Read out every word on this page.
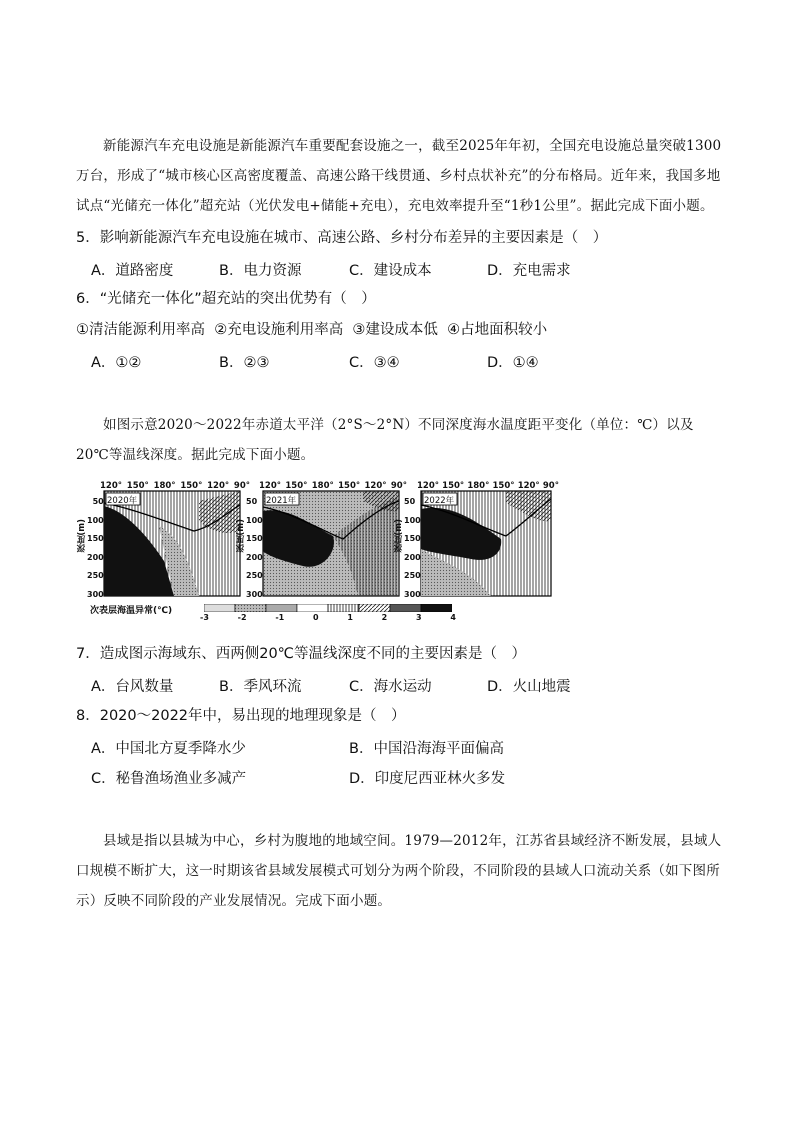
新能源汽车充电设施是新能源汽车重要配套设施之一，截至2025年年初，全国充电设施总量突破1300万台，形成了“城市核心区高密度覆盖、高速公路干线贯通、乡村点状补充”的分布格局。近年来，我国多地试点“光储充一体化”超充站（光伏发电+储能+充电），充电效率提升至“1秒1公里”。据此完成下面小题。

5．影响新能源汽车充电设施在城市、高速公路、乡村分布差异的主要因素是（　）
A．道路密度	B．电力资源	C．建设成本	D．充电需求
6．“光储充一体化”超充站的突出优势有（　）
①清洁能源利用率高  ②充电设施利用率高  ③建设成本低  ④占地面积较小
A．①②	B．②③	C．③④	D．①④

如图示意2020～2022年赤道太平洋（2°S～2°N）不同深度海水温度距平变化（单位：℃）以及20℃等温线深度。据此完成下面小题。

2020年	2021年	2022年
120° 150° 180° 150° 120° 90° 120° 150° 180° 150° 120° 90° 120° 150° 180° 150° 120° 90°
深度(m)
50
100
150
200
250
300
深度(m)
50
100
150
200
250
300
深度(m)
50
100
150
200
250
300
次表层海温异常(℃)
-3	-2	-1	0	1	2	3	4
7．造成图示海域东、西两侧20℃等温线深度不同的主要因素是（　）
A．台风数量	B．季风环流	C．海水运动	D．火山地震
8．2020～2022年中，易出现的地理现象是（　）
A．中国北方夏季降水少	B．中国沿海海平面偏高
C．秘鲁渔场渔业多减产	D．印度尼西亚林火多发

县域是指以县城为中心，乡村为腹地的地域空间。1979—2012年，江苏省县域经济不断发展，县域人口规模不断扩大，这一时期该省县域发展模式可划分为两个阶段，不同阶段的县域人口流动关系（如下图所示）反映不同阶段的产业发展情况。完成下面小题。
